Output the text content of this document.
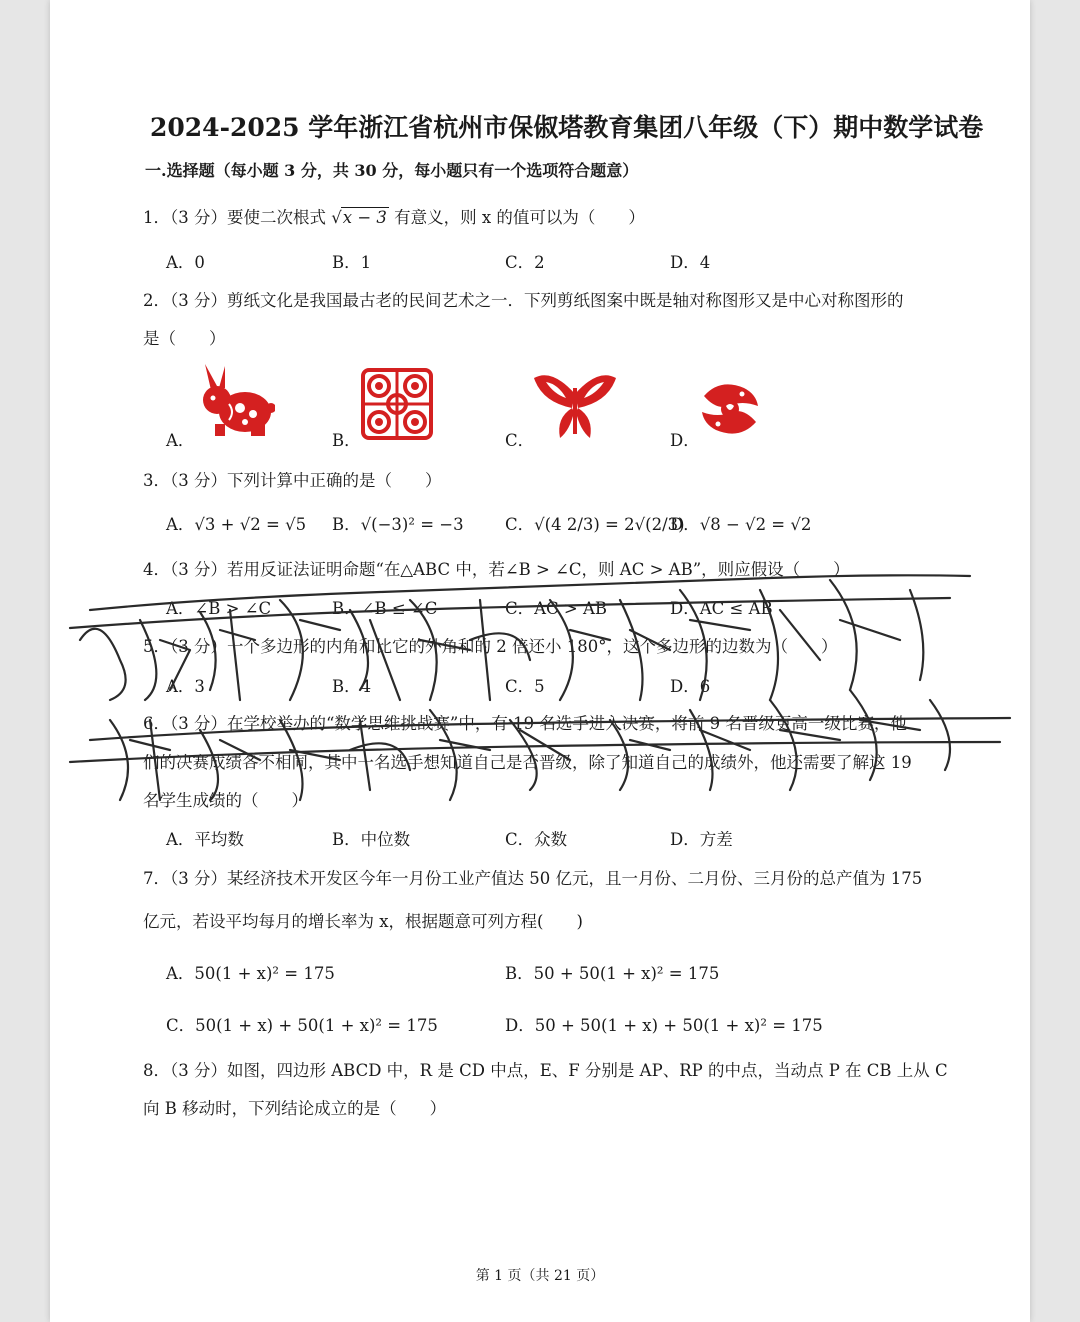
2024-2025 学年浙江省杭州市保俶塔教育集团八年级（下）期中数学试卷
一.选择题（每小题 3 分，共 30 分，每小题只有一个选项符合题意）
1．（3 分）要使二次根式 √x − 3 有意义，则 x 的值可以为（　　）
A．0	B．1	C．2	D．4
2．（3 分）剪纸文化是我国最古老的民间艺术之一．下列剪纸图案中既是轴对称图形又是中心对称图形的
是（　　）
A．	B．	C．	D．
3．（3 分）下列计算中正确的是（　　）
A．√3 + √2 = √5 B．√(−3)² = −3	C．√(4 2/3) = 2√(2/3)
D．√8 − √2 = √2
4．（3 分）若用反证法证明命题“在△ABC 中，若∠B > ∠C，则 AC > AB”，则应假设（　　）
A．∠B > ∠C	B．∠B ≤ ∠C	C．AC > AB	D．AC ≤ AB
5．（3 分）一个多边形的内角和比它的外角和的 2 倍还小 180°，这个多边形的边数为（　　）
A．3	B．4	C．5	D．6
6．（3 分）在学校举办的“数学思维挑战赛”中，有 19 名选手进入决赛，将前 9 名晋级更高一级比赛，他
们的决赛成绩各不相同，其中一名选手想知道自己是否晋级，除了知道自己的成绩外，他还需要了解这 19
名学生成绩的（　　）
A．平均数	B．中位数	C．众数	D．方差
7．（3 分）某经济技术开发区今年一月份工业产值达 50 亿元，且一月份、二月份、三月份的总产值为 175
亿元，若设平均每月的增长率为 x，根据题意可列方程(　　)
A．50(1 + x)² = 175	B．50 + 50(1 + x)² = 175
C．50(1 + x) + 50(1 + x)² = 175	D．50 + 50(1 + x) + 50(1 + x)² = 175
8．（3 分）如图，四边形 ABCD 中，R 是 CD 中点，E、F 分别是 AP、RP 的中点，当动点 P 在 CB 上从 C
向 B 移动时，下列结论成立的是（　　）
第 1 页（共 21 页）
